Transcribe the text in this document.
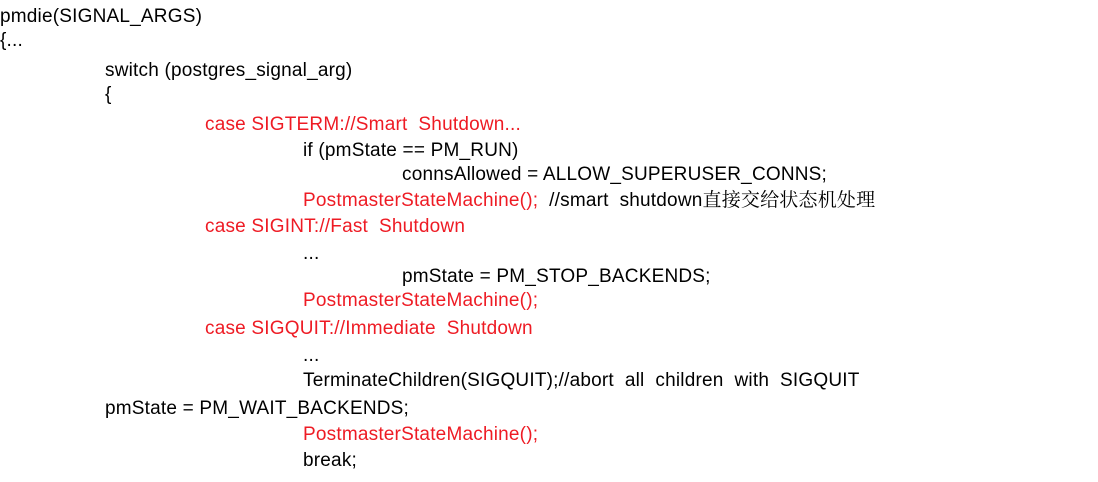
pmdie(SIGNAL_ARGS)
{...
switch (postgres_signal_arg)
{
case SIGTERM://Smart  Shutdown...
if (pmState == PM_RUN)
connsAllowed = ALLOW_SUPERUSER_CONNS;
PostmasterStateMachine();  //smart  shutdown直接交给状态机处理
case SIGINT://Fast  Shutdown
...
pmState = PM_STOP_BACKENDS;
PostmasterStateMachine();
case SIGQUIT://Immediate  Shutdown
...
TerminateChildren(SIGQUIT);//abort  all  children  with  SIGQUIT
pmState = PM_WAIT_BACKENDS;
PostmasterStateMachine();
break;
